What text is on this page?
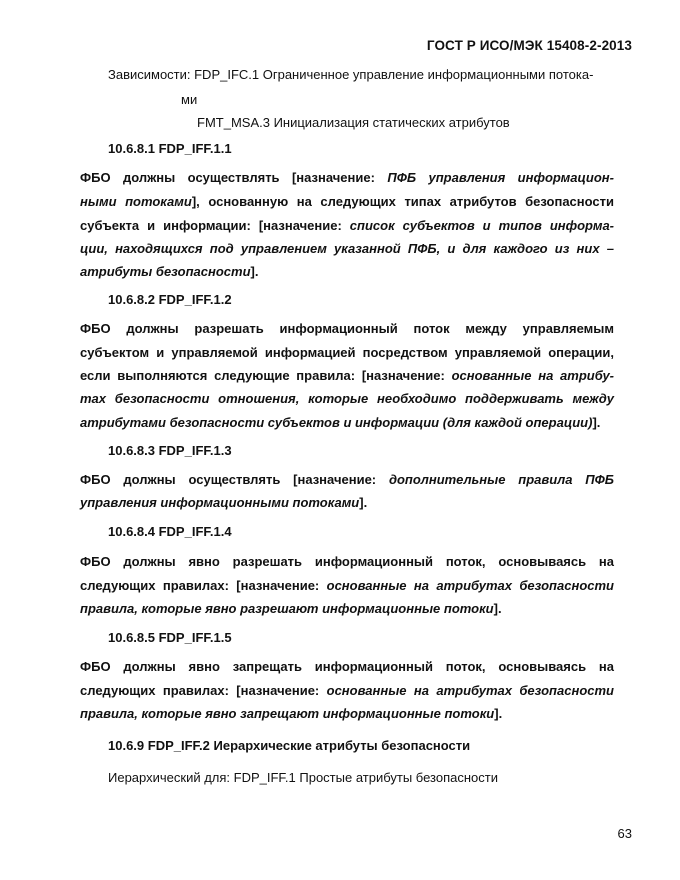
ГОСТ Р ИСО/МЭК 15408-2-2013
Зависимости: FDP_IFC.1 Ограниченное управление информационными потока-
ми
FMT_MSA.3 Инициализация статических атрибутов
10.6.8.1 FDP_IFF.1.1
ФБО должны осуществлять [назначение: ПФБ управления информацион-
ными потоками], основанную на следующих типах атрибутов безопасности
субъекта и информации: [назначение: список субъектов и типов информа-
ции, находящихся под управлением указанной ПФБ, и для каждого из них –
атрибуты безопасности].
10.6.8.2 FDP_IFF.1.2
ФБО должны разрешать информационный поток между управляемым
субъектом и управляемой информацией посредством управляемой операции,
если выполняются следующие правила: [назначение: основанные на атрибу-
тах безопасности отношения, которые необходимо поддерживать между
атрибутами безопасности субъектов и информации (для каждой операции)].
10.6.8.3 FDP_IFF.1.3
ФБО должны осуществлять [назначение: дополнительные правила ПФБ
управления информационными потоками].
10.6.8.4 FDP_IFF.1.4
ФБО должны явно разрешать информационный поток, основываясь на
следующих правилах: [назначение: основанные на атрибутах безопасности
правила, которые явно разрешают информационные потоки].
10.6.8.5 FDP_IFF.1.5
ФБО должны явно запрещать информационный поток, основываясь на
следующих правилах: [назначение: основанные на атрибутах безопасности
правила, которые явно запрещают информационные потоки].
10.6.9 FDP_IFF.2 Иерархические атрибуты безопасности
Иерархический для: FDP_IFF.1 Простые атрибуты безопасности
63
